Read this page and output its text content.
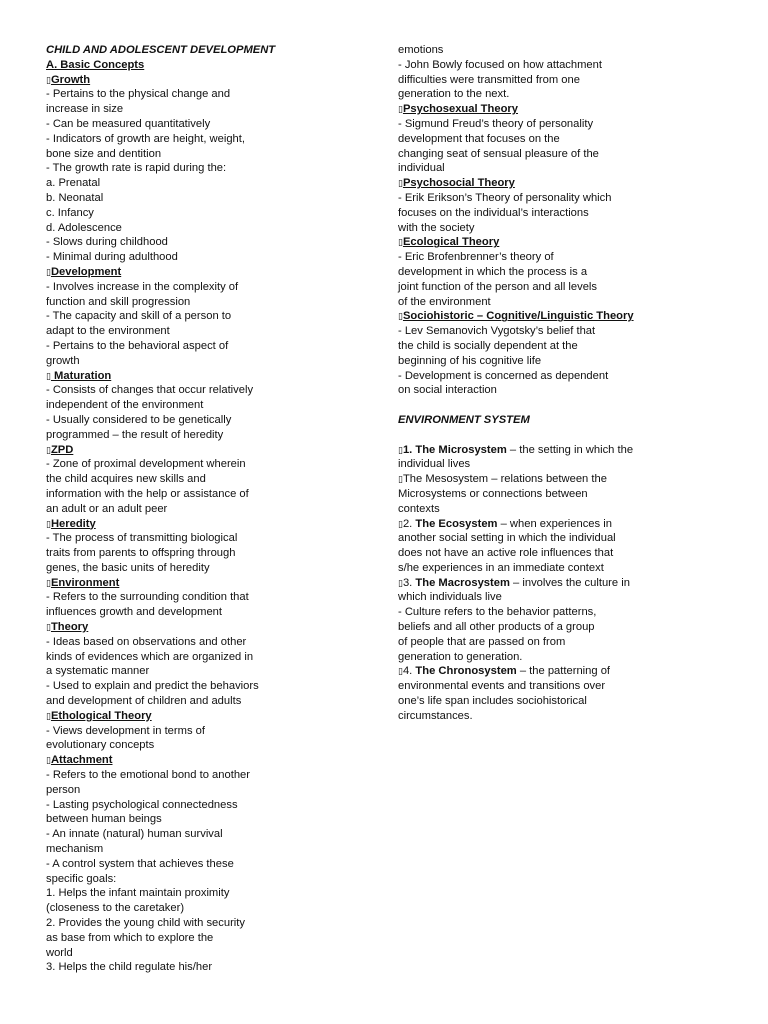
CHILD AND ADOLESCENT DEVELOPMENT
A. Basic Concepts
▯Growth
- Pertains to the physical change and
increase in size
- Can be measured quantitatively
- Indicators of growth are height, weight,
bone size and dentition
- The growth rate is rapid during the:
a. Prenatal
b. Neonatal
c. Infancy
d. Adolescence
- Slows during childhood
- Minimal during adulthood
▯Development
- Involves increase in the complexity of
function and skill progression
- The capacity and skill of a person to
adapt to the environment
- Pertains to the behavioral aspect of
growth
▯ Maturation
- Consists of changes that occur relatively
independent of the environment
- Usually considered to be genetically
programmed – the result of heredity
▯ZPD
- Zone of proximal development wherein
the child acquires new skills and
information with the help or assistance of
an adult or an adult peer
▯Heredity
- The process of transmitting biological
traits from parents to offspring through
genes, the basic units of heredity
▯Environment
- Refers to the surrounding condition that
influences growth and development
▯Theory
- Ideas based on observations and other
kinds of evidences which are organized in
a systematic manner
- Used to explain and predict the behaviors
and development of children and adults
▯Ethological Theory
- Views development in terms of
evolutionary concepts
▯Attachment
- Refers to the emotional bond to another
person
- Lasting psychological connectedness
between human beings
- An innate (natural) human survival
mechanism
- A control system that achieves these
specific goals:
1. Helps the infant maintain proximity
(closeness to the caretaker)
2. Provides the young child with security
as base from which to explore the
world
3. Helps the child regulate his/her
emotions
- John Bowly focused on how attachment
difficulties were transmitted from one
generation to the next.
▯Psychosexual Theory
- Sigmund Freud’s theory of personality
development that focuses on the
changing seat of sensual pleasure of the
individual
▯Psychosocial Theory
- Erik Erikson’s Theory of personality which
focuses on the individual’s interactions
with the society
▯Ecological Theory
- Eric Brofenbrenner’s theory of
development in which the process is a
joint function of the person and all levels
of the environment
▯Sociohistoric – Cognitive/Linguistic Theory
- Lev Semanovich Vygotsky’s belief that
the child is socially dependent at the
beginning of his cognitive life
- Development is concerned as dependent
on social interaction
ENVIRONMENT SYSTEM
▯1. The Microsystem – the setting in which the
individual lives
▯The Mesosystem – relations between the
Microsystems or connections between
contexts
▯2. The Ecosystem – when experiences in
another social setting in which the individual
does not have an active role influences that
s/he experiences in an immediate context
▯3. The Macrosystem – involves the culture in
which individuals live
- Culture refers to the behavior patterns,
beliefs and all other products of a group
of people that are passed on from
generation to generation.
▯4. The Chronosystem – the patterning of
environmental events and transitions over
one’s life span includes sociohistorical
circumstances.
